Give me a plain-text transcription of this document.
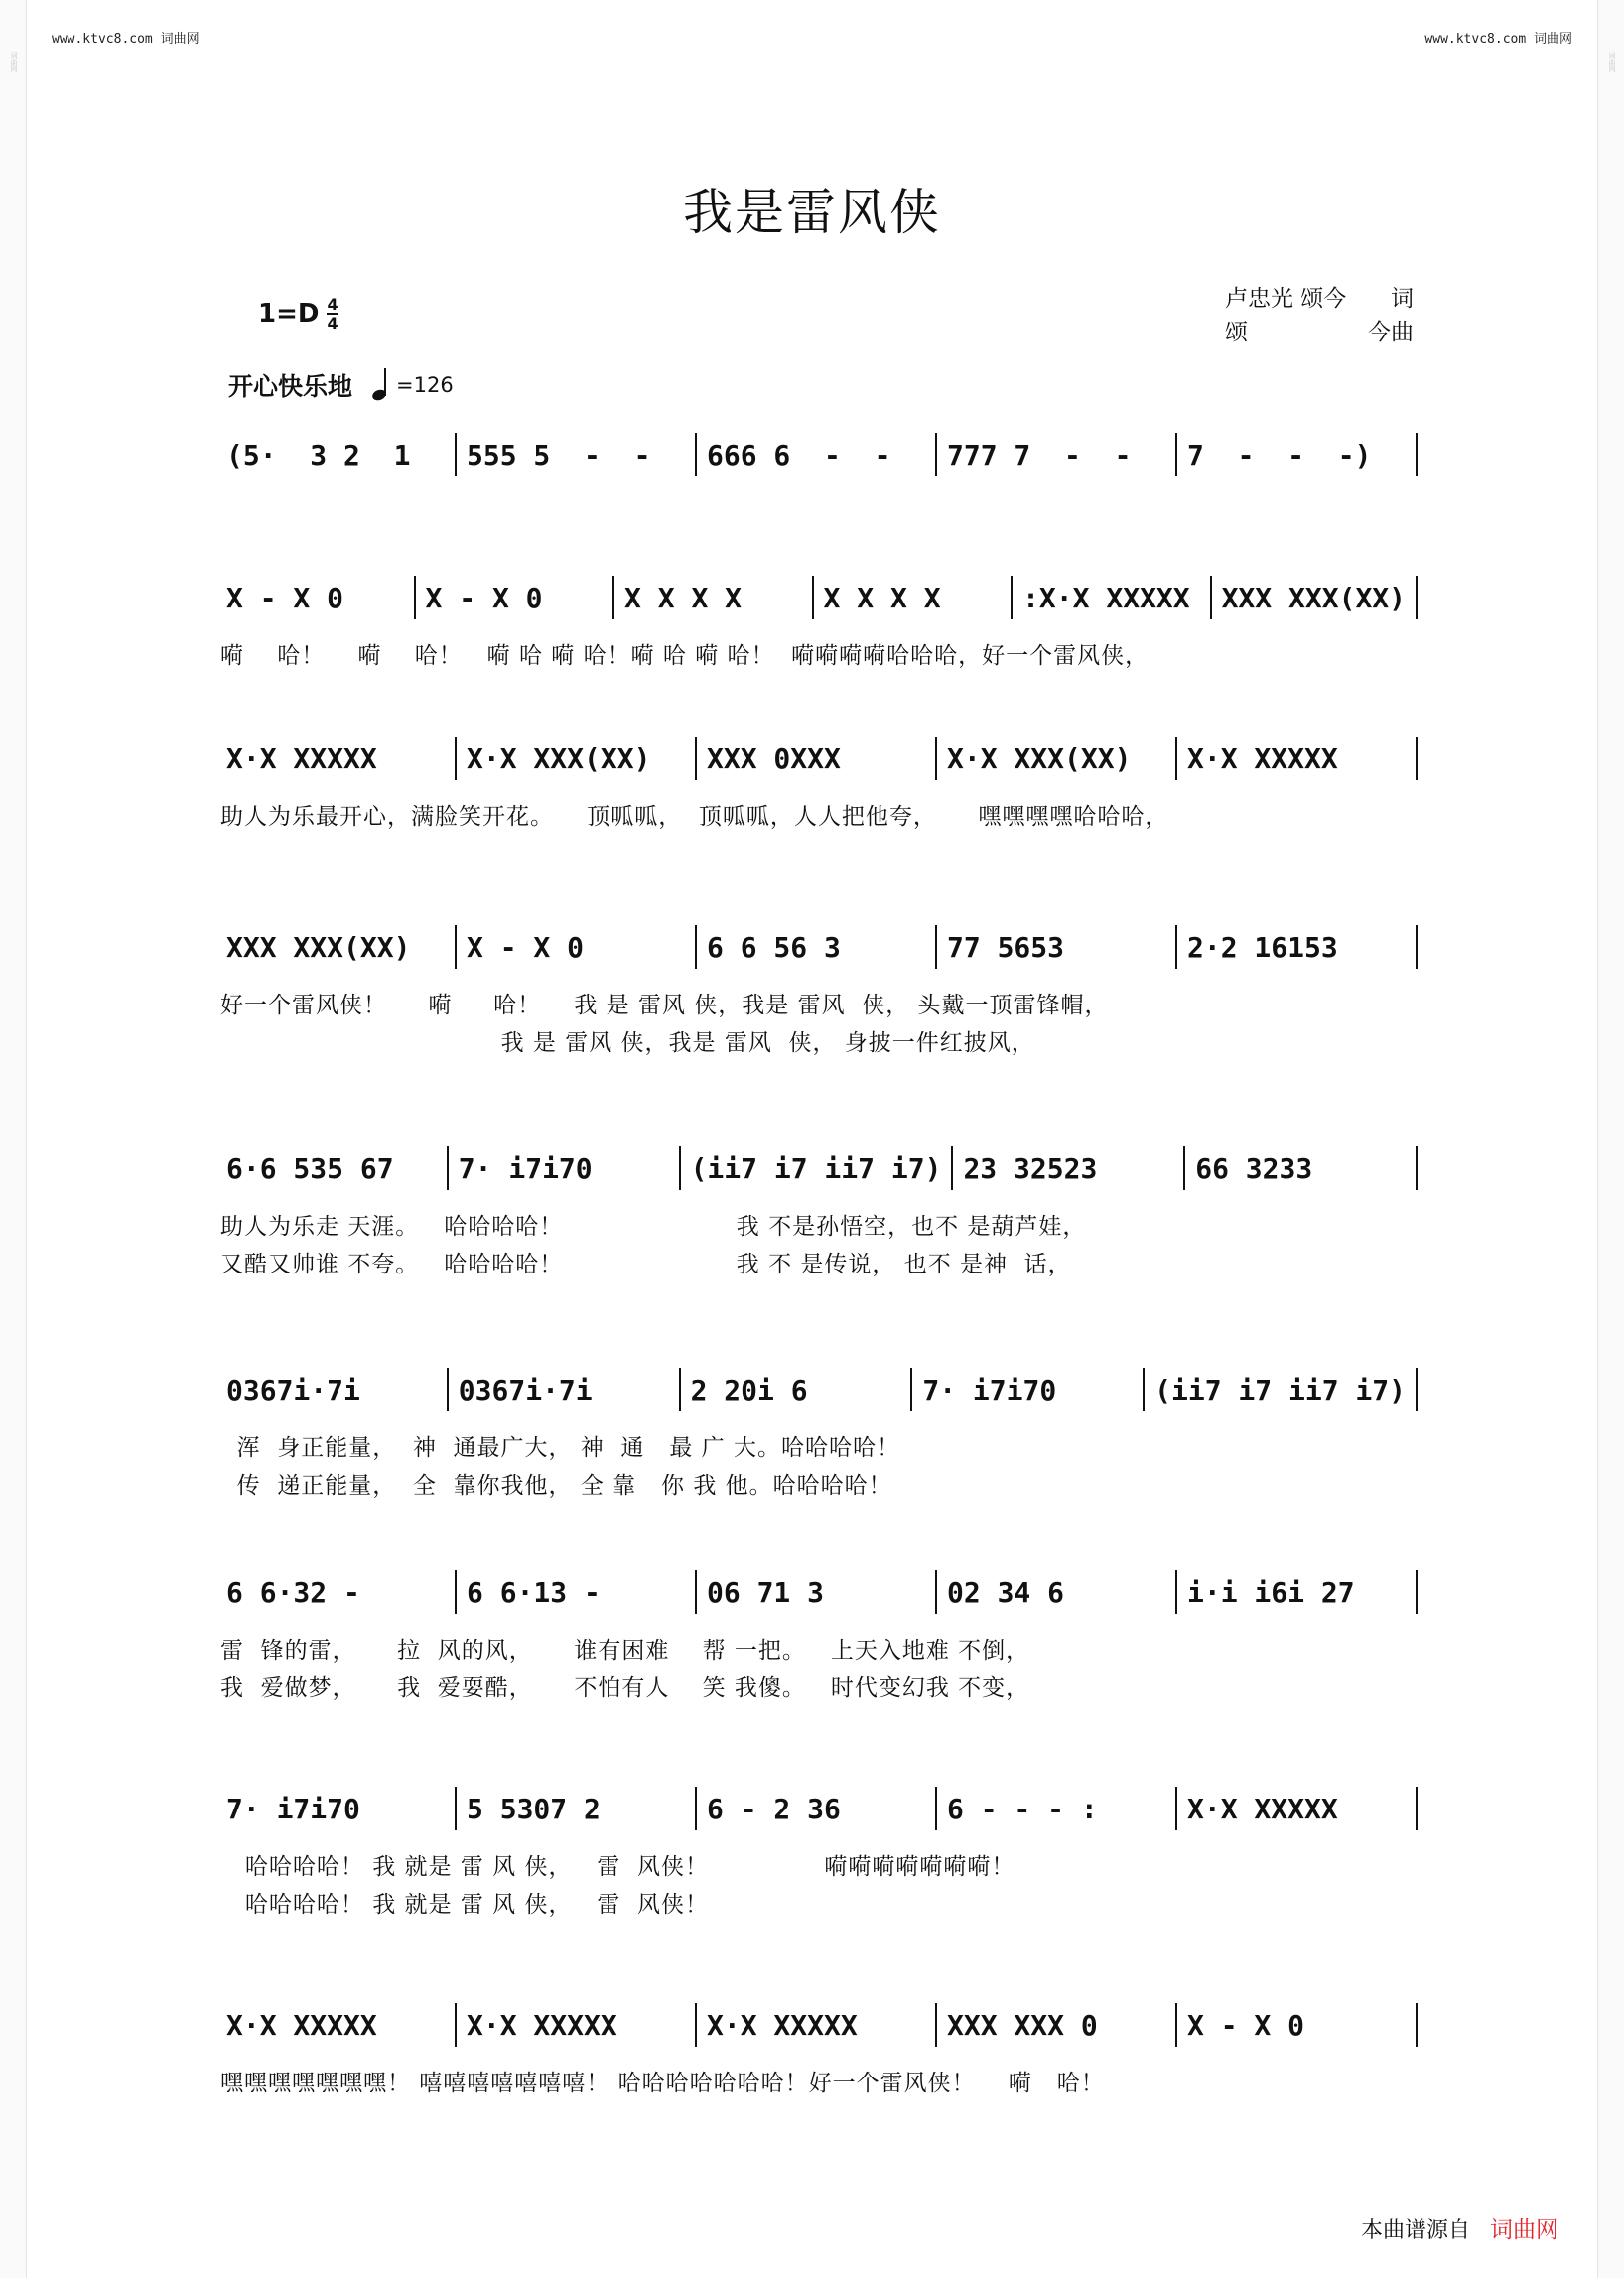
词曲网	词曲网
www.ktvc8.com 词曲网	www.ktvc8.com 词曲网
我是雷风侠
$1=D \frac{4}{4}$	卢忠光 颂今 词
颂	今曲
开心快乐地 =126
(5·  3 2  1	555 5  -  -	666 6  -  -	777 7  -  -	7  -  -  -)
X - X 0	X - X 0	X X X X	X X X X	:X·X XXXXX	XXX XXX(XX)
嗬    哈！    嗬    哈！   嗬 哈 嗬 哈！嗬 哈 嗬 哈！  嗬嗬嗬嗬哈哈哈，好一个雷风侠，
X·X XXXXX	X·X XXX(XX)	XXX 0XXX	X·X XXX(XX)	X·X XXXXX
助人为乐最开心，满脸笑开花。    顶呱呱，  顶呱呱，人人把他夸，     嘿嘿嘿嘿哈哈哈，
XXX XXX(XX)	X - X 0	6 6 56 3	77 5653	2·2 16153
好一个雷风侠！     嗬     哈！    我 是 雷风 侠，我是 雷风  侠， 头戴一顶雷锋帽，
我 是 雷风 侠，我是 雷风  侠， 身披一件红披风，
6·6 535 67	7· i7i70	(ii7 i7 ii7 i7) 23 32523	66 3233
助人为乐走 天涯。   哈哈哈哈！                     我 不是孙悟空，也不 是葫芦娃，
又酷又帅谁 不夸。   哈哈哈哈！                     我 不 是传说， 也不 是神  话，
0367i·7i	0367i·7i	2 20i 6	7· i7i70	(ii7 i7 ii7 i7)
浑  身正能量，  神  通最广大， 神  通   最 广 大。哈哈哈哈！
传  递正能量，  全  靠你我他， 全 靠   你 我 他。哈哈哈哈！
6 6·32 -	6 6·13 -	06 71 3	02 34 6	i·i i6i 27
雷  锋的雷，     拉  风的风，     谁有困难    帮 一把。   上天入地难 不倒，
我  爱做梦，     我  爱耍酷，     不怕有人    笑 我傻。   时代变幻我 不变，
7· i7i70	5 5307 2	6 - 2 36	6 - - - :	X·X XXXXX
哈哈哈哈！ 我 就是 雷 风 侠，   雷  风侠！              嗬嗬嗬嗬嗬嗬嗬！
哈哈哈哈！ 我 就是 雷 风 侠，   雷  风侠！
X·X XXXXX	X·X XXXXX	X·X XXXXX	XXX XXX 0	X - X 0
嘿嘿嘿嘿嘿嘿嘿！ 嘻嘻嘻嘻嘻嘻嘻！ 哈哈哈哈哈哈哈！好一个雷风侠！    嗬   哈！
本曲谱源自 词曲网
